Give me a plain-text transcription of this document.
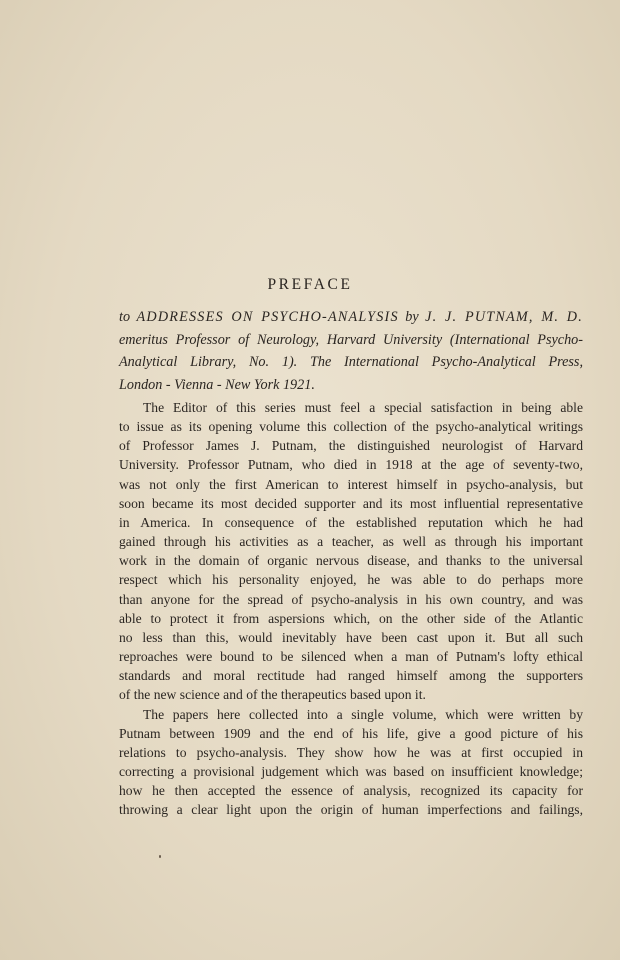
PREFACE
to ADDRESSES ON PSYCHO-ANALYSIS by J. J. PUTNAM, M. D.
emeritus Professor of Neurology, Harvard University (International Psycho-
Analytical Library, No. 1). The International Psycho-Analytical Press,
London - Vienna - New York 1921.
The Editor of this series must feel a special satisfaction in being able
to issue as its opening volume this collection of the psycho-analytical writings
of Professor James J. Putnam, the distinguished neurologist of Harvard
University. Professor Putnam, who died in 1918 at the age of seventy-two,
was not only the first American to interest himself in psycho-analysis, but
soon became its most decided supporter and its most influential representative
in America. In consequence of the established reputation which he had
gained through his activities as a teacher, as well as through his important
work in the domain of organic nervous disease, and thanks to the universal
respect which his personality enjoyed, he was able to do perhaps more
than anyone for the spread of psycho-analysis in his own country, and was
able to protect it from aspersions which, on the other side of the Atlantic
no less than this, would inevitably have been cast upon it. But all such
reproaches were bound to be silenced when a man of Putnam's lofty ethical
standards and moral rectitude had ranged himself among the supporters
of the new science and of the therapeutics based upon it.
The papers here collected into a single volume, which were written by
Putnam between 1909 and the end of his life, give a good picture of his
relations to psycho-analysis. They show how he was at first occupied in
correcting a provisional judgement which was based on insufficient knowledge;
how he then accepted the essence of analysis, recognized its capacity for
throwing a clear light upon the origin of human imperfections and failings,
